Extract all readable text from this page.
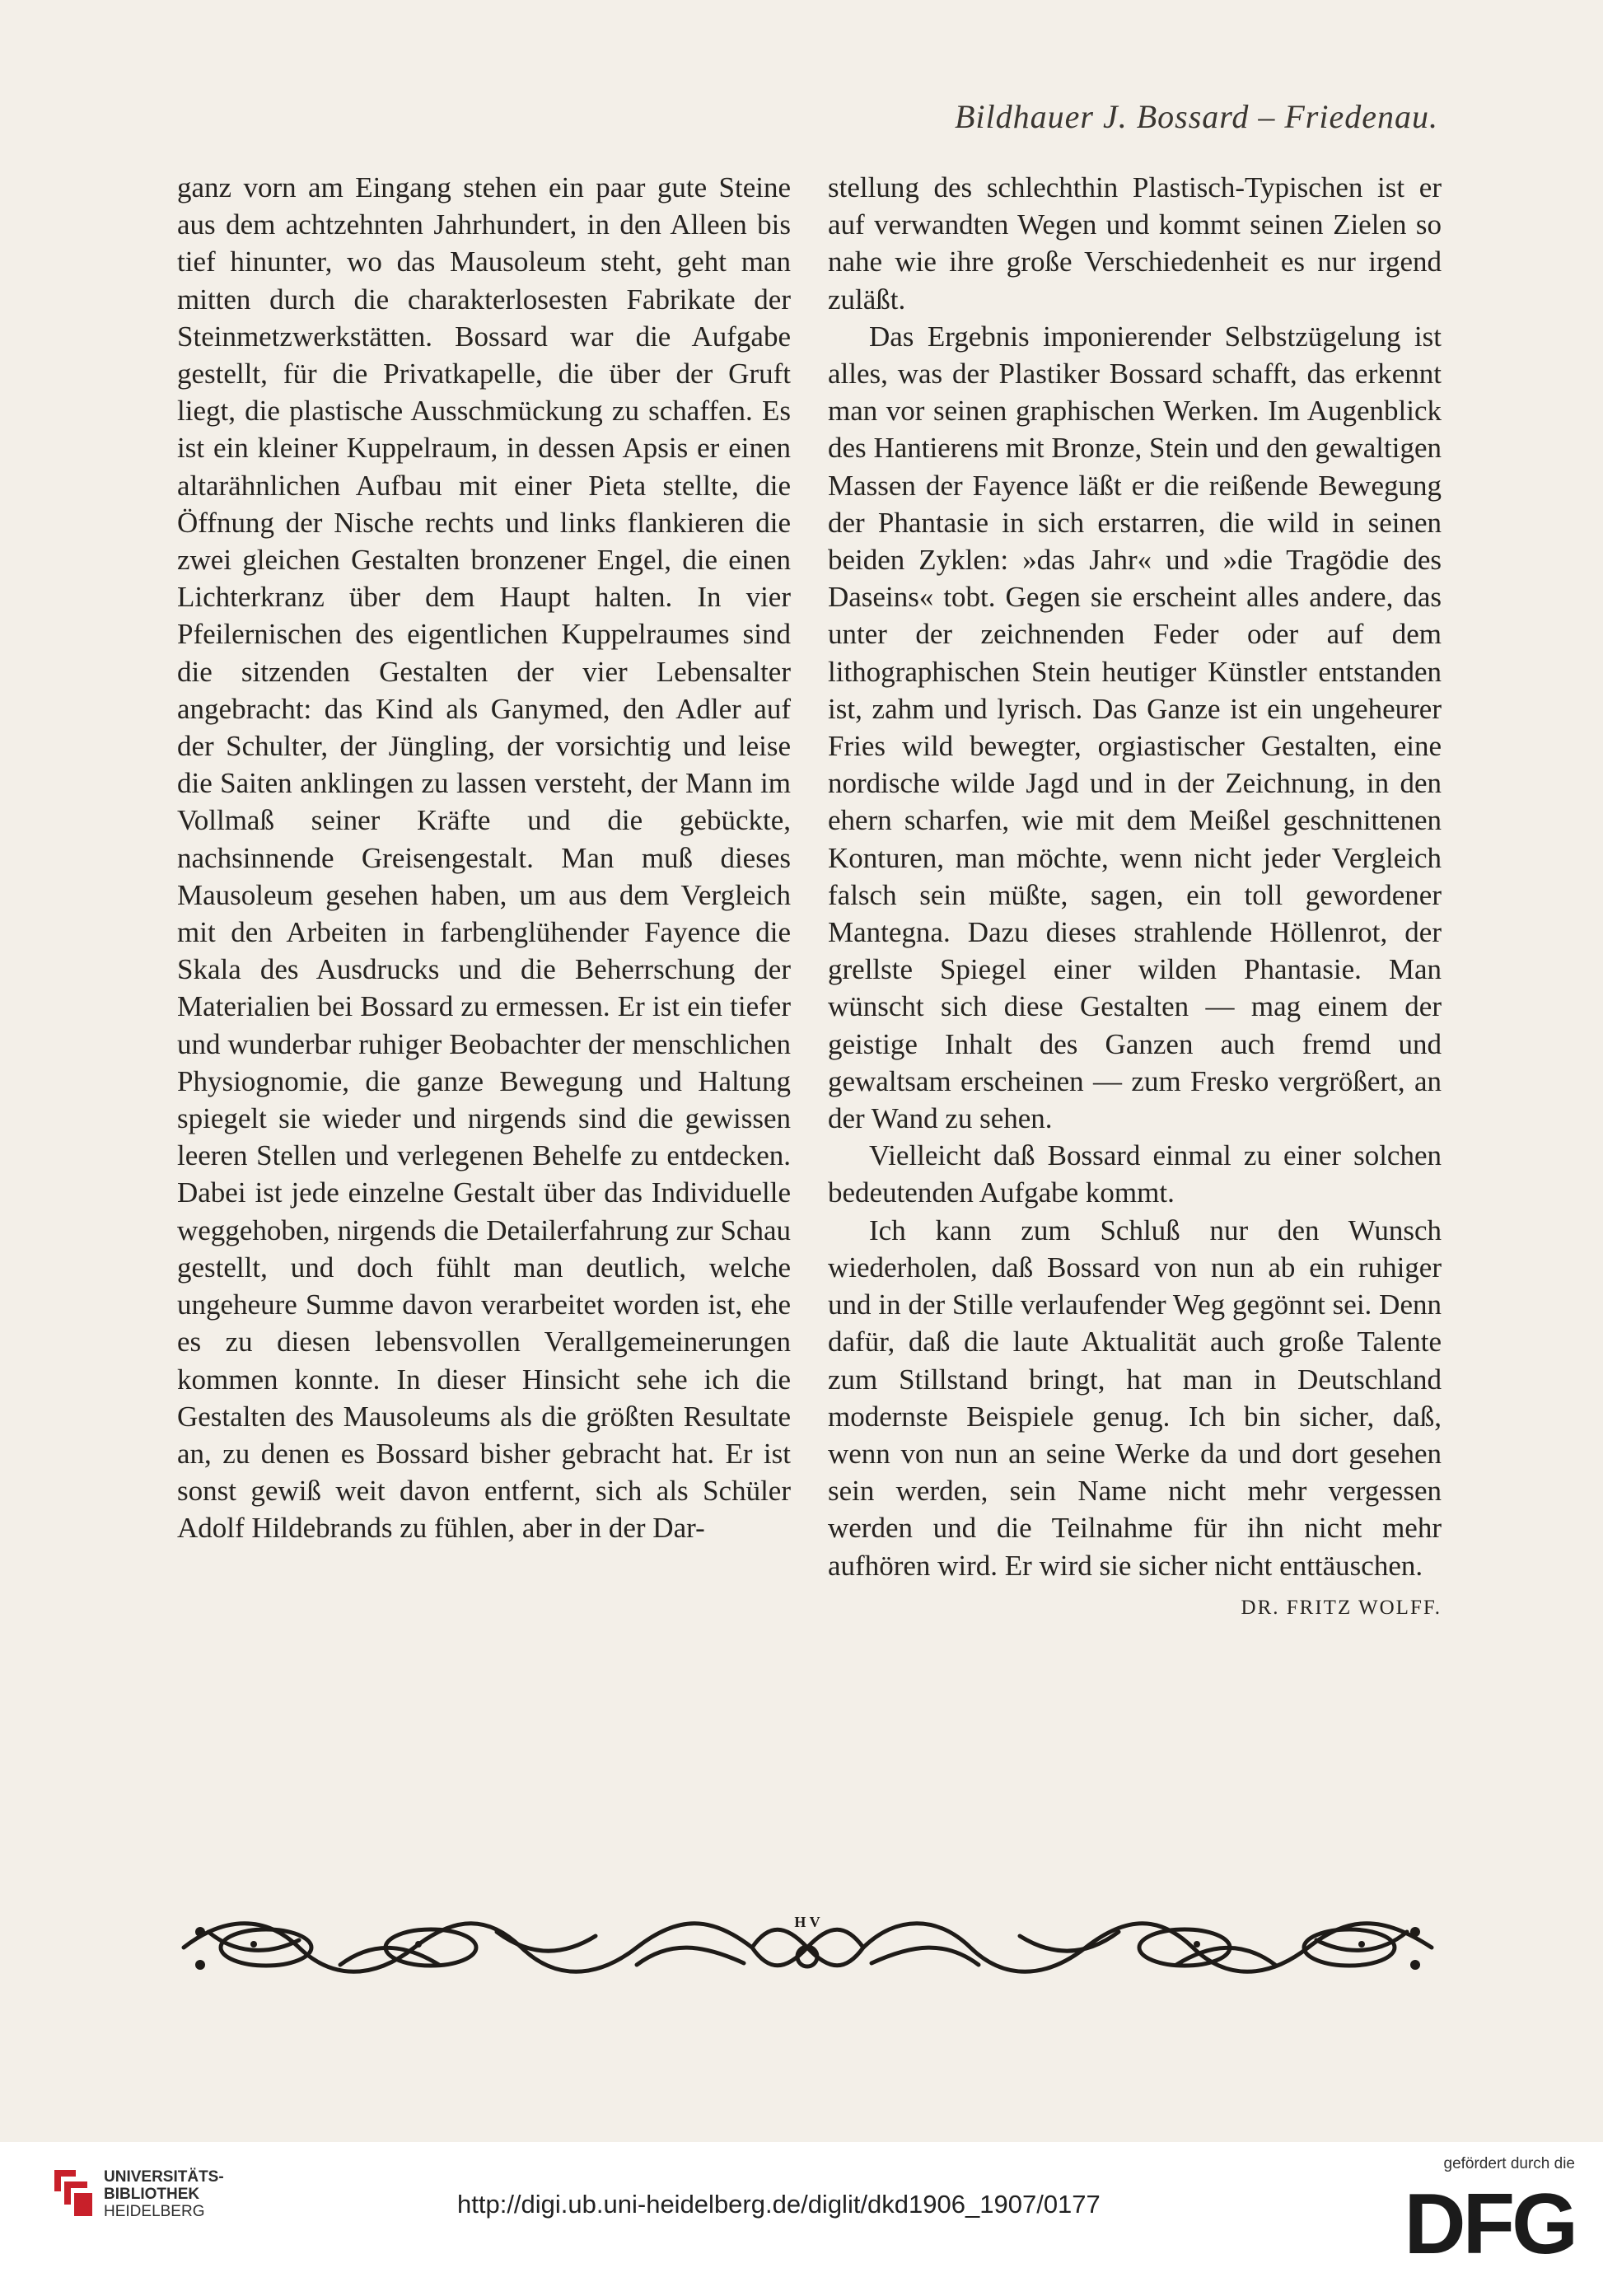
Bildhauer J. Bossard – Friedenau.

ganz vorn am Eingang stehen ein paar gute Steine aus dem achtzehnten Jahrhundert, in den Alleen bis tief hinunter, wo das Mausoleum steht, geht man mitten durch die charakterlosesten Fabrikate der Steinmetzwerkstätten. Bossard war die Aufgabe gestellt, für die Privatkapelle, die über der Gruft liegt, die plastische Ausschmückung zu schaffen. Es ist ein kleiner Kuppelraum, in dessen Apsis er einen altarähnlichen Aufbau mit einer Pieta stellte, die Öffnung der Nische rechts und links flankieren die zwei gleichen Gestalten bronzener Engel, die einen Lichterkranz über dem Haupt halten. In vier Pfeilernischen des eigentlichen Kuppelraumes sind die sitzenden Gestalten der vier Lebensalter angebracht: das Kind als Ganymed, den Adler auf der Schulter, der Jüngling, der vorsichtig und leise die Saiten anklingen zu lassen versteht, der Mann im Vollmaß seiner Kräfte und die gebückte, nachsinnende Greisengestalt. Man muß dieses Mausoleum gesehen haben, um aus dem Vergleich mit den Arbeiten in farbenglühender Fayence die Skala des Ausdrucks und die Beherrschung der Materialien bei Bossard zu ermessen. Er ist ein tiefer und wunderbar ruhiger Beobachter der menschlichen Physiognomie, die ganze Bewegung und Haltung spiegelt sie wieder und nirgends sind die gewissen leeren Stellen und verlegenen Behelfe zu entdecken. Dabei ist jede einzelne Gestalt über das Individuelle weggehoben, nirgends die Detailerfahrung zur Schau gestellt, und doch fühlt man deutlich, welche ungeheure Summe davon verarbeitet worden ist, ehe es zu diesen lebensvollen Verallgemeinerungen kommen konnte. In dieser Hinsicht sehe ich die Gestalten des Mausoleums als die größten Resultate an, zu denen es Bossard bisher gebracht hat. Er ist sonst gewiß weit davon entfernt, sich als Schüler Adolf Hildebrands zu fühlen, aber in der Dar-

stellung des schlechthin Plastisch-Typischen ist er auf verwandten Wegen und kommt seinen Zielen so nahe wie ihre große Verschiedenheit es nur irgend zuläßt.

Das Ergebnis imponierender Selbstzügelung ist alles, was der Plastiker Bossard schafft, das erkennt man vor seinen graphischen Werken. Im Augenblick des Hantierens mit Bronze, Stein und den gewaltigen Massen der Fayence läßt er die reißende Bewegung der Phantasie in sich erstarren, die wild in seinen beiden Zyklen: »das Jahr« und »die Tragödie des Daseins« tobt. Gegen sie erscheint alles andere, das unter der zeichnenden Feder oder auf dem lithographischen Stein heutiger Künstler entstanden ist, zahm und lyrisch. Das Ganze ist ein ungeheurer Fries wild bewegter, orgiastischer Gestalten, eine nordische wilde Jagd und in der Zeichnung, in den ehern scharfen, wie mit dem Meißel geschnittenen Konturen, man möchte, wenn nicht jeder Vergleich falsch sein müßte, sagen, ein toll gewordener Mantegna. Dazu dieses strahlende Höllenrot, der grellste Spiegel einer wilden Phantasie. Man wünscht sich diese Gestalten — mag einem der geistige Inhalt des Ganzen auch fremd und gewaltsam erscheinen — zum Fresko vergrößert, an der Wand zu sehen.

Vielleicht daß Bossard einmal zu einer solchen bedeutenden Aufgabe kommt.

Ich kann zum Schluß nur den Wunsch wiederholen, daß Bossard von nun ab ein ruhiger und in der Stille verlaufender Weg gegönnt sei. Denn dafür, daß die laute Aktualität auch große Talente zum Stillstand bringt, hat man in Deutschland modernste Beispiele genug. Ich bin sicher, daß, wenn von nun an seine Werke da und dort gesehen sein werden, sein Name nicht mehr vergessen werden und die Teilnahme für ihn nicht mehr aufhören wird. Er wird sie sicher nicht enttäuschen.
DR. FRITZ WOLFF.

H V
UNIVERSITÄTS-
BIBLIOTHEK
HEIDELBERG	http://digi.ub.uni-heidelberg.de/diglit/dkd1906_1907/0177
gefördert durch die
DFG
